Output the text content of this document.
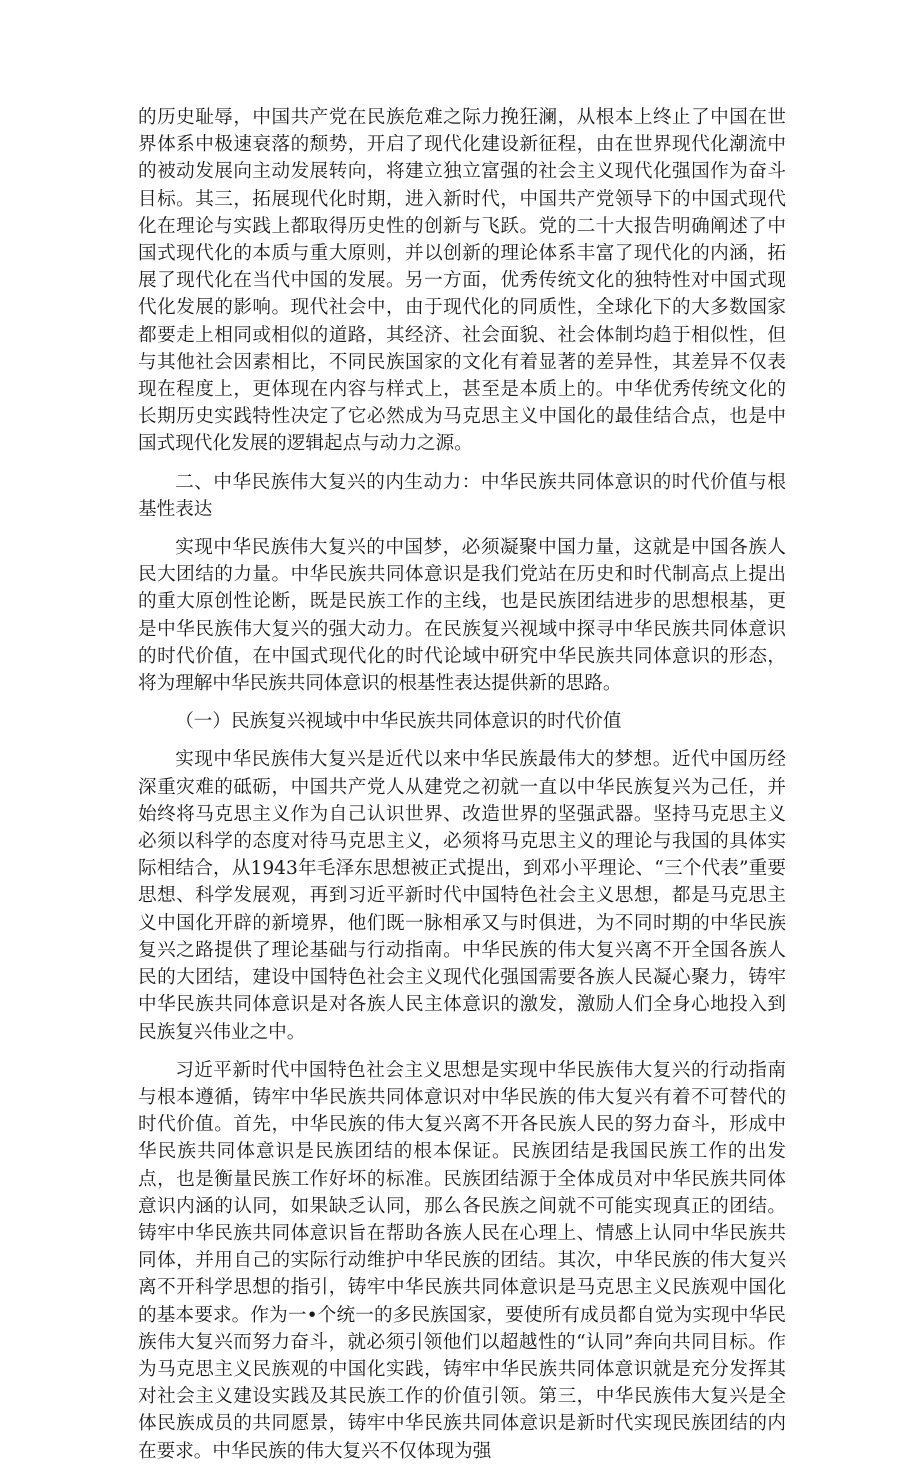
的历史耻辱，中国共产党在民族危难之际力挽狂澜，从根本上终止了中国在世界体系中极速衰落的颓势，开启了现代化建设新征程，由在世界现代化潮流中的被动发展向主动发展转向，将建立独立富强的社会主义现代化强国作为奋斗目标。其三，拓展现代化时期，进入新时代，中国共产党领导下的中国式现代化在理论与实践上都取得历史性的创新与飞跃。党的二十大报告明确阐述了中国式现代化的本质与重大原则，并以创新的理论体系丰富了现代化的内涵，拓展了现代化在当代中国的发展。另一方面，优秀传统文化的独特性对中国式现代化发展的影响。现代社会中，由于现代化的同质性，全球化下的大多数国家都要走上相同或相似的道路，其经济、社会面貌、社会体制均趋于相似性，但与其他社会因素相比，不同民族国家的文化有着显著的差异性，其差异不仅表现在程度上，更体现在内容与样式上，甚至是本质上的。中华优秀传统文化的长期历史实践特性决定了它必然成为马克思主义中国化的最佳结合点，也是中国式现代化发展的逻辑起点与动力之源。

二、中华民族伟大复兴的内生动力：中华民族共同体意识的时代价值与根基性表达

实现中华民族伟大复兴的中国梦，必须凝聚中国力量，这就是中国各族人民大团结的力量。中华民族共同体意识是我们党站在历史和时代制高点上提出的重大原创性论断，既是民族工作的主线，也是民族团结进步的思想根基，更是中华民族伟大复兴的强大动力。在民族复兴视域中探寻中华民族共同体意识的时代价值，在中国式现代化的时代论域中研究中华民族共同体意识的形态，将为理解中华民族共同体意识的根基性表达提供新的思路。

（一）民族复兴视域中中华民族共同体意识的时代价值

实现中华民族伟大复兴是近代以来中华民族最伟大的梦想。近代中国历经深重灾难的砥砺，中国共产党人从建党之初就一直以中华民族复兴为己任，并始终将马克思主义作为自己认识世界、改造世界的坚强武器。坚持马克思主义必须以科学的态度对待马克思主义，必须将马克思主义的理论与我国的具体实际相结合，从1943年毛泽东思想被正式提出，到邓小平理论、“三个代表”重要思想、科学发展观，再到习近平新时代中国特色社会主义思想，都是马克思主义中国化开辟的新境界，他们既一脉相承又与时俱进，为不同时期的中华民族复兴之路提供了理论基础与行动指南。中华民族的伟大复兴离不开全国各族人民的大团结，建设中国特色社会主义现代化强国需要各族人民凝心聚力，铸牢中华民族共同体意识是对各族人民主体意识的激发，激励人们全身心地投入到民族复兴伟业之中。

习近平新时代中国特色社会主义思想是实现中华民族伟大复兴的行动指南与根本遵循，铸牢中华民族共同体意识对中华民族的伟大复兴有着不可替代的时代价值。首先，中华民族的伟大复兴离不开各民族人民的努力奋斗，形成中华民族共同体意识是民族团结的根本保证。民族团结是我国民族工作的出发点，也是衡量民族工作好坏的标准。民族团结源于全体成员对中华民族共同体意识内涵的认同，如果缺乏认同，那么各民族之间就不可能实现真正的团结。铸牢中华民族共同体意识旨在帮助各族人民在心理上、情感上认同中华民族共同体，并用自己的实际行动维护中华民族的团结。其次，中华民族的伟大复兴离不开科学思想的指引，铸牢中华民族共同体意识是马克思主义民族观中国化的基本要求。作为一•个统一的多民族国家，要使所有成员都自觉为实现中华民族伟大复兴而努力奋斗，就必须引领他们以超越性的“认同”奔向共同目标。作为马克思主义民族观的中国化实践，铸牢中华民族共同体意识就是充分发挥其对社会主义建设实践及其民族工作的价值引领。第三，中华民族伟大复兴是全体民族成员的共同愿景，铸牢中华民族共同体意识是新时代实现民族团结的内在要求。中华民族的伟大复兴不仅体现为强
